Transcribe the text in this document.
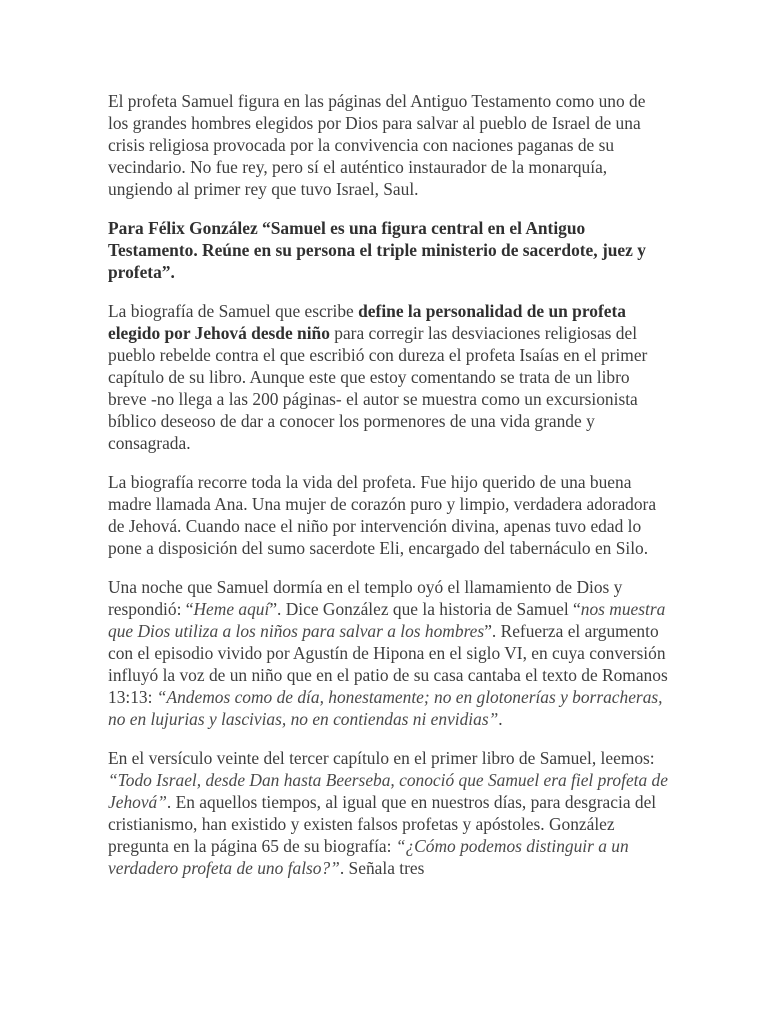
El profeta Samuel figura en las páginas del Antiguo Testamento como uno de los grandes hombres elegidos por Dios para salvar al pueblo de Israel de una crisis religiosa provocada por la convivencia con naciones paganas de su vecindario. No fue rey, pero sí el auténtico instaurador de la monarquía, ungiendo al primer rey que tuvo Israel, Saul.

Para Félix González “Samuel es una figura central en el Antiguo Testamento. Reúne en su persona el triple ministerio de sacerdote, juez y profeta”.

La biografía de Samuel que escribe define la personalidad de un profeta elegido por Jehová desde niño para corregir las desviaciones religiosas del pueblo rebelde contra el que escribió con dureza el profeta Isaías en el primer capítulo de su libro. Aunque este que estoy comentando se trata de un libro breve -no llega a las 200 páginas- el autor se muestra como un excursionista bíblico deseoso de dar a conocer los pormenores de una vida grande y consagrada.

La biografía recorre toda la vida del profeta. Fue hijo querido de una buena madre llamada Ana. Una mujer de corazón puro y limpio, verdadera adoradora de Jehová. Cuando nace el niño por intervención divina, apenas tuvo edad lo pone a disposición del sumo sacerdote Eli, encargado del tabernáculo en Silo.

Una noche que Samuel dormía en el templo oyó el llamamiento de Dios y respondió: “Heme aquí”. Dice González que la historia de Samuel “nos muestra que Dios utiliza a los niños para salvar a los hombres”. Refuerza el argumento con el episodio vivido por Agustín de Hipona en el siglo VI, en cuya conversión influyó la voz de un niño que en el patio de su casa cantaba el texto de Romanos 13:13: “Andemos como de día, honestamente; no en glotonerías y borracheras, no en lujurias y lascivias, no en contiendas ni envidias”.

En el versículo veinte del tercer capítulo en el primer libro de Samuel, leemos: “Todo Israel, desde Dan hasta Beerseba, conoció que Samuel era fiel profeta de Jehová”. En aquellos tiempos, al igual que en nuestros días, para desgracia del cristianismo, han existido y existen falsos profetas y apóstoles. González pregunta en la página 65 de su biografía: “¿Cómo podemos distinguir a un verdadero profeta de uno falso?”. Señala tres
